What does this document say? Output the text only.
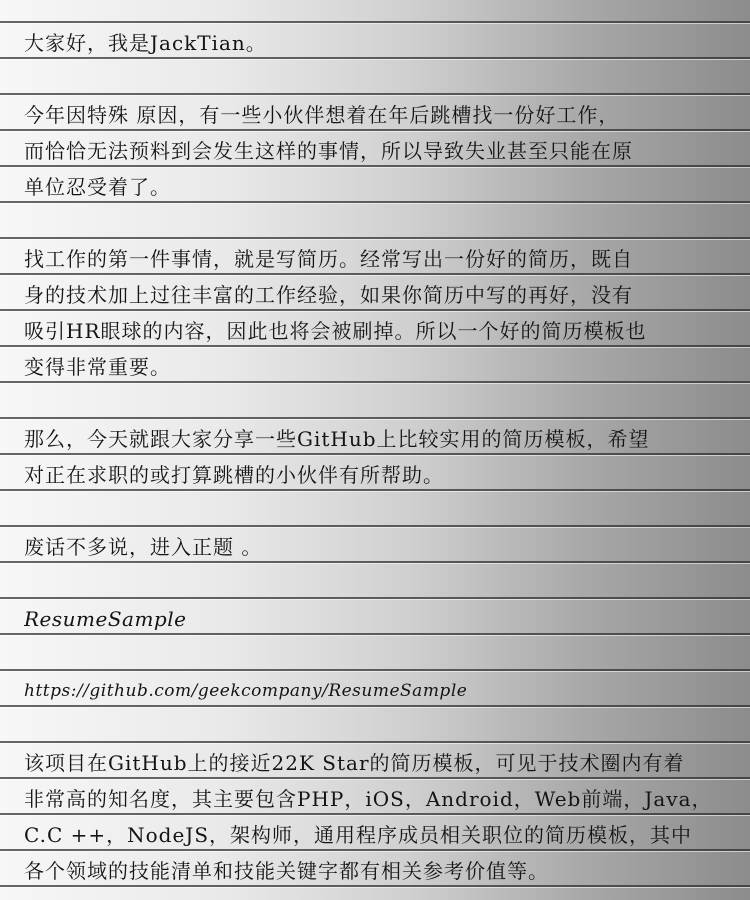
大家好，我是JackTian。
今年因特殊 原因，有一些小伙伴想着在年后跳槽找一份好工作，
而恰恰无法预料到会发生这样的事情，所以导致失业甚至只能在原
单位忍受着了。
找工作的第一件事情，就是写简历。经常写出一份好的简历，既自
身的技术加上过往丰富的工作经验，如果你简历中写的再好，没有
吸引HR眼球的内容，因此也将会被刷掉。所以一个好的简历模板也
变得非常重要。
那么，今天就跟大家分享一些GitHub上比较实用的简历模板，希望
对正在求职的或打算跳槽的小伙伴有所帮助。
废话不多说，进入正题 。
ResumeSample
https://github.com/geekcompany/ResumeSample
该项目在GitHub上的接近22K Star的简历模板，可见于技术圈内有着
非常高的知名度，其主要包含PHP，iOS，Android，Web前端，Java，
C.C ++，NodeJS，架构师，通用程序成员相关职位的简历模板，其中
各个领域的技能清单和技能关键字都有相关参考价值等。
